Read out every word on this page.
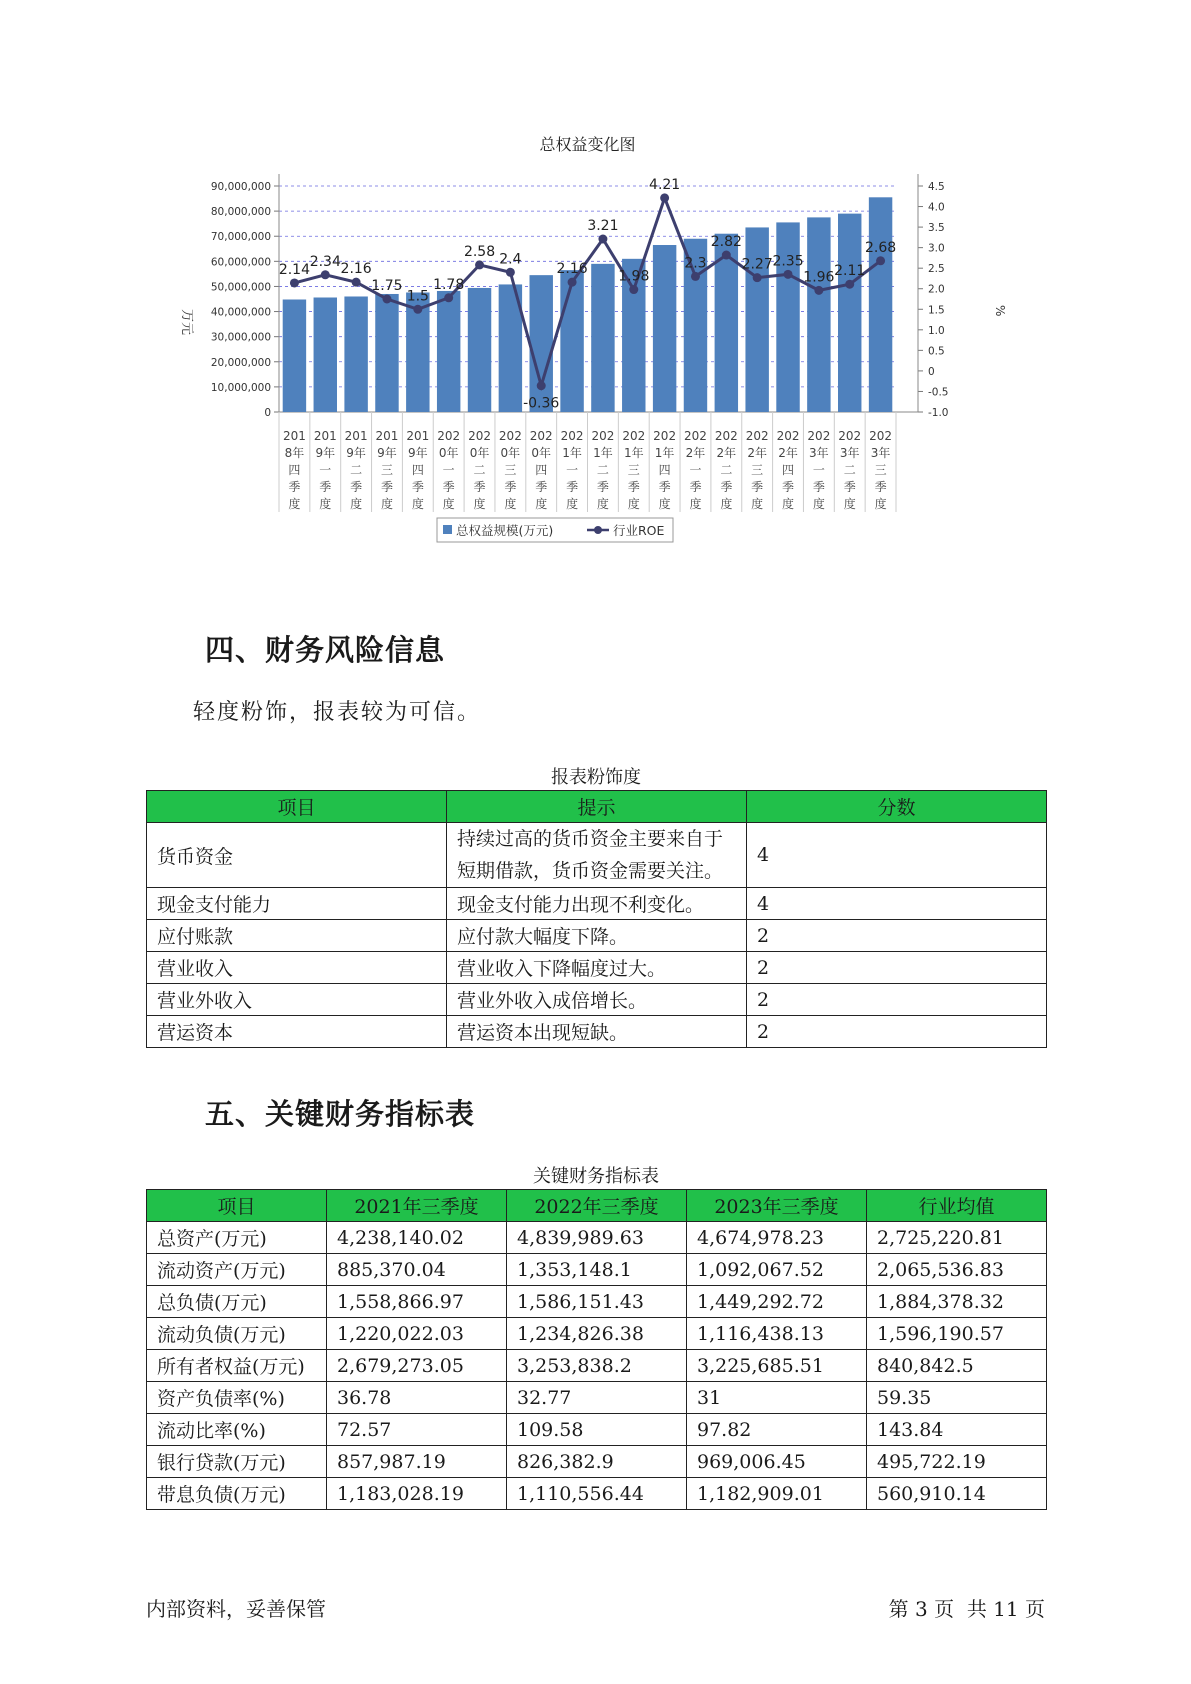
总权益变化图
0
10,000,000
20,000,000
30,000,000
40,000,000
50,000,000
60,000,000
70,000,000
80,000,000
90,000,000
-1.0
-0.5
0
0.5
1.0
1.5
2.0
2.5
3.0
3.5
4.0
4.5
万元	%
201
8年
四
季
度
201
9年
一
季
度
201
9年
二
季
度
201
9年
三
季
度
201
9年
四
季
度
202
0年
一
季
度
202
0年
二
季
度
202
0年
三
季
度
202
0年
四
季
度
202
1年
一
季
度
202
1年
二
季
度
202
1年
三
季
度
202
1年
四
季
度
202
2年
一
季
度
202
2年
二
季
度
202
2年
三
季
度
202
2年
四
季
度
202
3年
一
季
度
202
3年
二
季
度
202
3年
三
季
度
2.14
2.34 2.16
1.75
1.5
1.78
2.58 2.4
-0.36
2.16
3.21
1.98
4.21
2.3
2.82
2.27 2.35
1.96 2.11
2.68
总权益规模(万元)	行业ROE
四、财务风险信息
轻度粉饰，报表较为可信。
报表粉饰度
项目	提示	分数
货币资金	持续过高的货币资金主要来自于短期借款，货币资金需要关注。	4
现金支付能力	现金支付能力出现不利变化。	4
应付账款	应付款大幅度下降。	2
营业收入	营业收入下降幅度过大。	2
营业外收入	营业外收入成倍增长。	2
营运资本	营运资本出现短缺。	2
五、关键财务指标表
关键财务指标表
项目	2021年三季度	2022年三季度	2023年三季度	行业均值
总资产(万元)	4,238,140.02	4,839,989.63	4,674,978.23	2,725,220.81
流动资产(万元)	885,370.04	1,353,148.1	1,092,067.52	2,065,536.83
总负债(万元)	1,558,866.97	1,586,151.43	1,449,292.72	1,884,378.32
流动负债(万元)	1,220,022.03	1,234,826.38	1,116,438.13	1,596,190.57
所有者权益(万元)	2,679,273.05	3,253,838.2	3,225,685.51	840,842.5
资产负债率(%)	36.78	32.77	31	59.35
流动比率(%)	72.57	109.58	97.82	143.84
银行贷款(万元)	857,987.19	826,382.9	969,006.45	495,722.19
带息负债(万元)	1,183,028.19	1,110,556.44	1,182,909.01	560,910.14
内部资料，妥善保管	第 3 页  共 11 页
